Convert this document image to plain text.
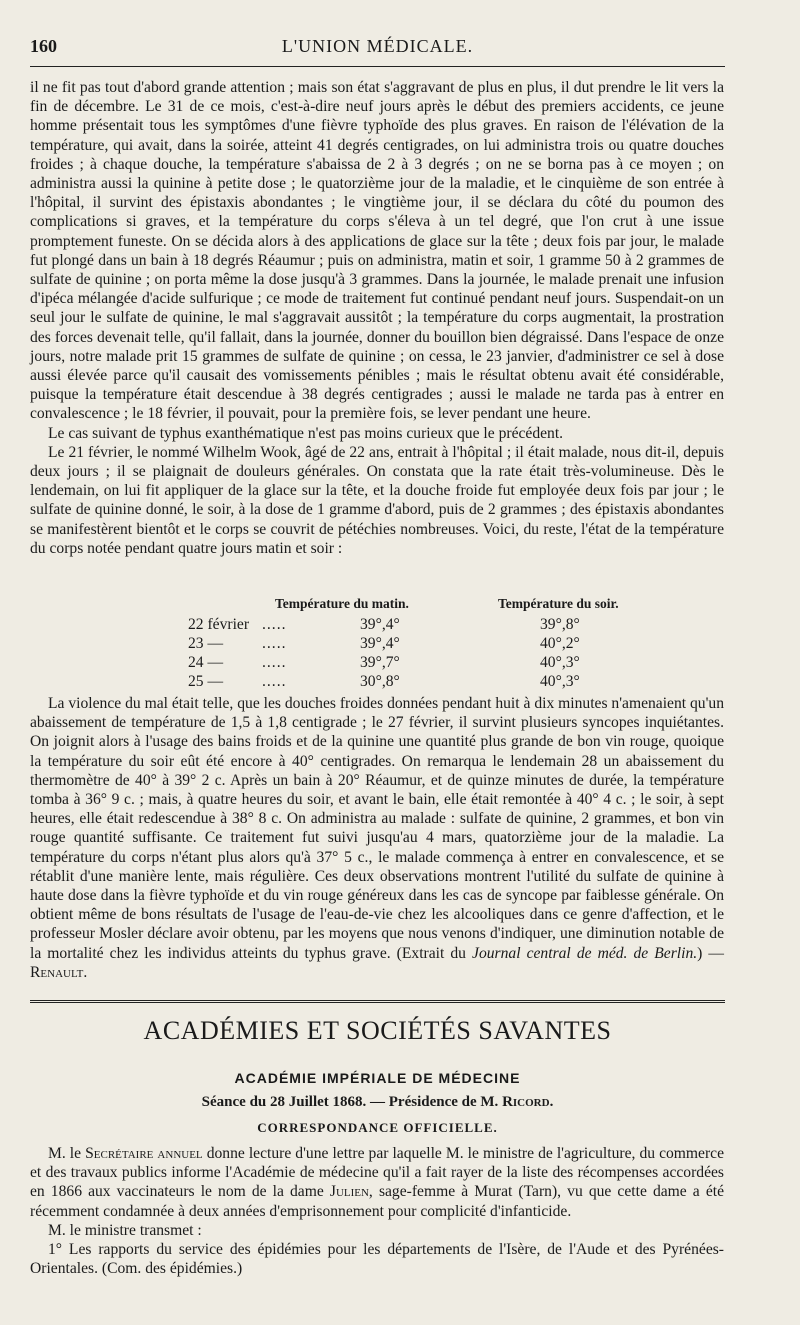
160	L'UNION MÉDICALE.

il ne fit pas tout d'abord grande attention ; mais son état s'aggravant de plus en plus, il dut prendre le lit vers la fin de décembre. Le 31 de ce mois, c'est-à-dire neuf jours après le début des premiers accidents, ce jeune homme présentait tous les symptômes d'une fièvre typhoïde des plus graves. En raison de l'élévation de la température, qui avait, dans la soirée, atteint 41 degrés centigrades, on lui administra trois ou quatre douches froides ; à chaque douche, la température s'abaissa de 2 à 3 degrés ; on ne se borna pas à ce moyen ; on administra aussi la quinine à petite dose ; le quatorzième jour de la maladie, et le cinquième de son entrée à l'hôpital, il survint des épistaxis abondantes ; le vingtième jour, il se déclara du côté du poumon des complications si graves, et la température du corps s'éleva à un tel degré, que l'on crut à une issue promptement funeste. On se décida alors à des applications de glace sur la tête ; deux fois par jour, le malade fut plongé dans un bain à 18 degrés Réaumur ; puis on administra, matin et soir, 1 gramme 50 à 2 grammes de sulfate de quinine ; on porta même la dose jusqu'à 3 grammes. Dans la journée, le malade prenait une infusion d'ipéca mélangée d'acide sulfurique ; ce mode de traitement fut continué pendant neuf jours. Suspendait-on un seul jour le sulfate de quinine, le mal s'aggravait aussitôt ; la température du corps augmentait, la prostration des forces devenait telle, qu'il fallait, dans la journée, donner du bouillon bien dégraissé. Dans l'espace de onze jours, notre malade prit 15 grammes de sulfate de quinine ; on cessa, le 23 janvier, d'administrer ce sel à dose aussi élevée parce qu'il causait des vomissements pénibles ; mais le résultat obtenu avait été considérable, puisque la température était descendue à 38 degrés centigrades ; aussi le malade ne tarda pas à entrer en convalescence ; le 18 février, il pouvait, pour la première fois, se lever pendant une heure.

Le cas suivant de typhus exanthématique n'est pas moins curieux que le précédent.

Le 21 février, le nommé Wilhelm Wook, âgé de 22 ans, entrait à l'hôpital ; il était malade, nous dit-il, depuis deux jours ; il se plaignait de douleurs générales. On constata que la rate était très-volumineuse. Dès le lendemain, on lui fit appliquer de la glace sur la tête, et la douche froide fut employée deux fois par jour ; le sulfate de quinine donné, le soir, à la dose de 1 gramme d'abord, puis de 2 grammes ; des épistaxis abondantes se manifestèrent bientôt et le corps se couvrit de pétéchies nombreuses. Voici, du reste, l'état de la température du corps notée pendant quatre jours matin et soir :

Température du matin.	Température du soir.
22 février .....	39°,4°	39°,8°
23 — .....	39°,4°	40°,2°
24 — .....	39°,7°	40°,3°
25 — .....	30°,8°	40°,3°

La violence du mal était telle, que les douches froides données pendant huit à dix minutes n'amenaient qu'un abaissement de température de 1,5 à 1,8 centigrade ; le 27 février, il survint plusieurs syncopes inquiétantes. On joignit alors à l'usage des bains froids et de la quinine une quantité plus grande de bon vin rouge, quoique la température du soir eût été encore à 40° centigrades. On remarqua le lendemain 28 un abaissement du thermomètre de 40° à 39° 2 c. Après un bain à 20° Réaumur, et de quinze minutes de durée, la température tomba à 36° 9 c. ; mais, à quatre heures du soir, et avant le bain, elle était remontée à 40° 4 c. ; le soir, à sept heures, elle était redescendue à 38° 8 c. On administra au malade : sulfate de quinine, 2 grammes, et bon vin rouge quantité suffisante. Ce traitement fut suivi jusqu'au 4 mars, quatorzième jour de la maladie. La température du corps n'étant plus alors qu'à 37° 5 c., le malade commença à entrer en convalescence, et se rétablit d'une manière lente, mais régulière. Ces deux observations montrent l'utilité du sulfate de quinine à haute dose dans la fièvre typhoïde et du vin rouge généreux dans les cas de syncope par faiblesse générale. On obtient même de bons résultats de l'usage de l'eau-de-vie chez les alcooliques dans ce genre d'affection, et le professeur Mosler déclare avoir obtenu, par les moyens que nous venons d'indiquer, une diminution notable de la mortalité chez les individus atteints du typhus grave. (Extrait du Journal central de méd. de Berlin.) — Renault.

ACADÉMIES ET SOCIÉTÉS SAVANTES
ACADÉMIE IMPÉRIALE DE MÉDECINE
Séance du 28 Juillet 1868. — Présidence de M. Ricord.
CORRESPONDANCE OFFICIELLE.

M. le Secrétaire annuel donne lecture d'une lettre par laquelle M. le ministre de l'agriculture, du commerce et des travaux publics informe l'Académie de médecine qu'il a fait rayer de la liste des récompenses accordées en 1866 aux vaccinateurs le nom de la dame Julien, sage-femme à Murat (Tarn), vu que cette dame a été récemment condamnée à deux années d'emprisonnement pour complicité d'infanticide.

M. le ministre transmet :

1° Les rapports du service des épidémies pour les départements de l'Isère, de l'Aude et des Pyrénées-Orientales. (Com. des épidémies.)
